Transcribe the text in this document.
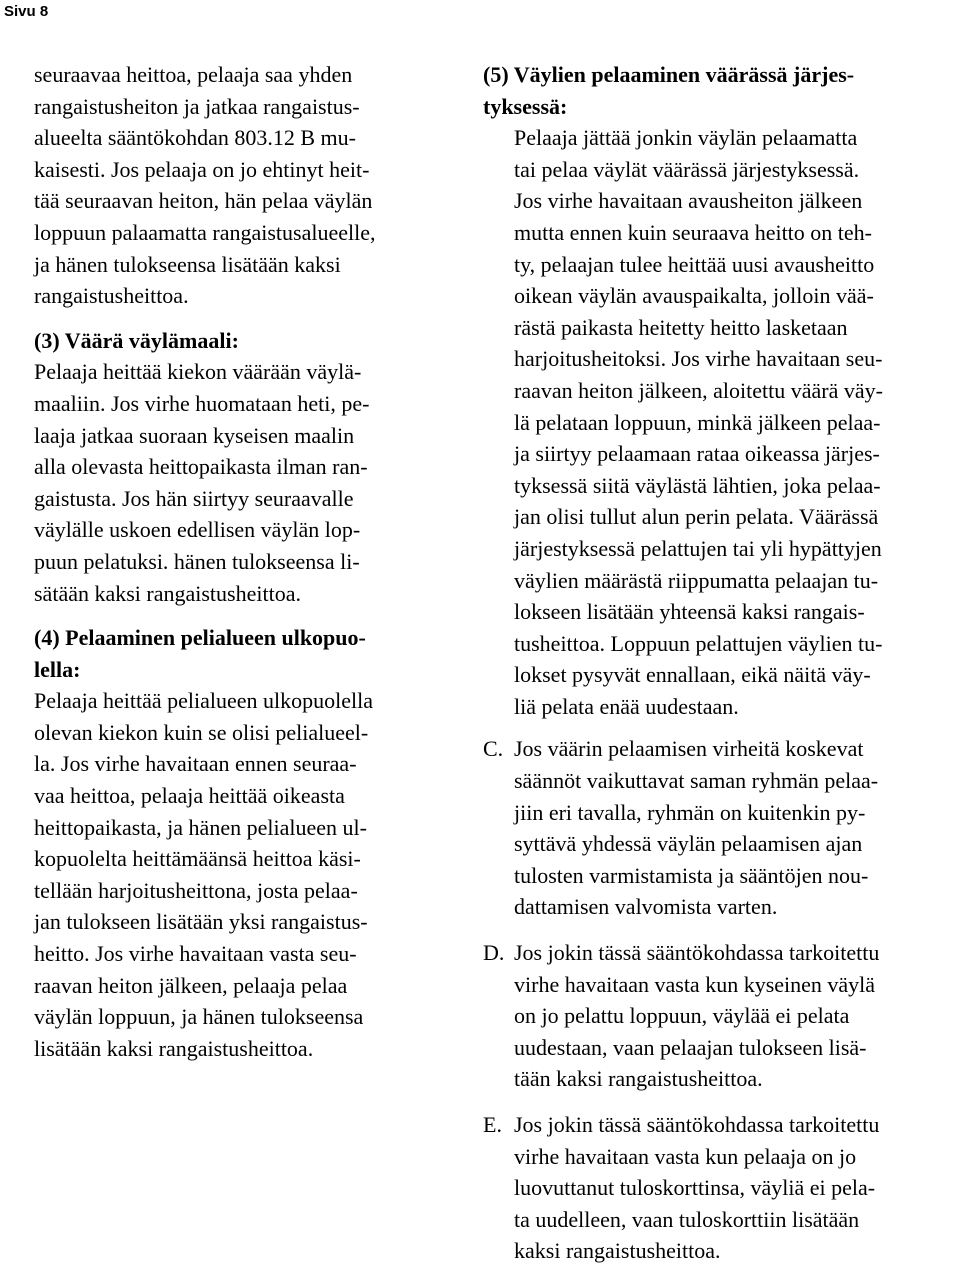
Sivu 8
seuraavaa heittoa, pelaaja saa yhden
rangaistusheiton ja jatkaa rangaistus-
alueelta sääntökohdan 803.12 B mu-
kaisesti. Jos pelaaja on jo ehtinyt heit-
tää seuraavan heiton, hän pelaa väylän
loppuun palaamatta rangaistusalueelle,
ja hänen tulokseensa lisätään kaksi
rangaistusheittoa.
(3) Väärä väylämaali:
Pelaaja heittää kiekon väärään väylä-
maaliin. Jos virhe huomataan heti, pe-
laaja jatkaa suoraan kyseisen maalin
alla olevasta heittopaikasta ilman ran-
gaistusta. Jos hän siirtyy seuraavalle
väylälle uskoen edellisen väylän lop-
puun pelatuksi. hänen tulokseensa li-
sätään kaksi rangaistusheittoa.
(4) Pelaaminen pelialueen ulkopuo-
lella:
Pelaaja heittää pelialueen ulkopuolella
olevan kiekon kuin se olisi pelialueel-
la. Jos virhe havaitaan ennen seuraa-
vaa heittoa, pelaaja heittää oikeasta
heittopaikasta, ja hänen pelialueen ul-
kopuolelta heittämäänsä heittoa käsi-
tellään harjoitusheittona, josta pelaa-
jan tulokseen lisätään yksi rangaistus-
heitto. Jos virhe havaitaan vasta seu-
raavan heiton jälkeen, pelaaja pelaa
väylän loppuun, ja hänen tulokseensa
lisätään kaksi rangaistusheittoa.
(5) Väylien pelaaminen väärässä järjes-
tyksessä:
Pelaaja jättää jonkin väylän pelaamatta
tai pelaa väylät väärässä järjestyksessä.
Jos virhe havaitaan avausheiton jälkeen
mutta ennen kuin seuraava heitto on teh-
ty, pelaajan tulee heittää uusi avausheitto
oikean väylän avauspaikalta, jolloin vää-
rästä paikasta heitetty heitto lasketaan
harjoitusheitoksi. Jos virhe havaitaan seu-
raavan heiton jälkeen, aloitettu väärä väy-
lä pelataan loppuun, minkä jälkeen pelaa-
ja siirtyy pelaamaan rataa oikeassa järjes-
tyksessä siitä väylästä lähtien, joka pelaa-
jan olisi tullut alun perin pelata. Väärässä
järjestyksessä pelattujen tai yli hypättyjen
väylien määrästä riippumatta pelaajan tu-
lokseen lisätään yhteensä kaksi rangais-
tusheittoa. Loppuun pelattujen väylien tu-
lokset pysyvät ennallaan, eikä näitä väy-
liä pelata enää uudestaan.
C. Jos väärin pelaamisen virheitä koskevat
säännöt vaikuttavat saman ryhmän pelaa-
jiin eri tavalla, ryhmän on kuitenkin py-
syttävä yhdessä väylän pelaamisen ajan
tulosten varmistamista ja sääntöjen nou-
dattamisen valvomista varten.
D. Jos jokin tässä sääntökohdassa tarkoitettu
virhe havaitaan vasta kun kyseinen väylä
on jo pelattu loppuun, väylää ei pelata
uudestaan, vaan pelaajan tulokseen lisä-
tään kaksi rangaistusheittoa.
E. Jos jokin tässä sääntökohdassa tarkoitettu
virhe havaitaan vasta kun pelaaja on jo
luovuttanut tuloskorttinsa, väyliä ei pela-
ta uudelleen, vaan tuloskorttiin lisätään
kaksi rangaistusheittoa.
